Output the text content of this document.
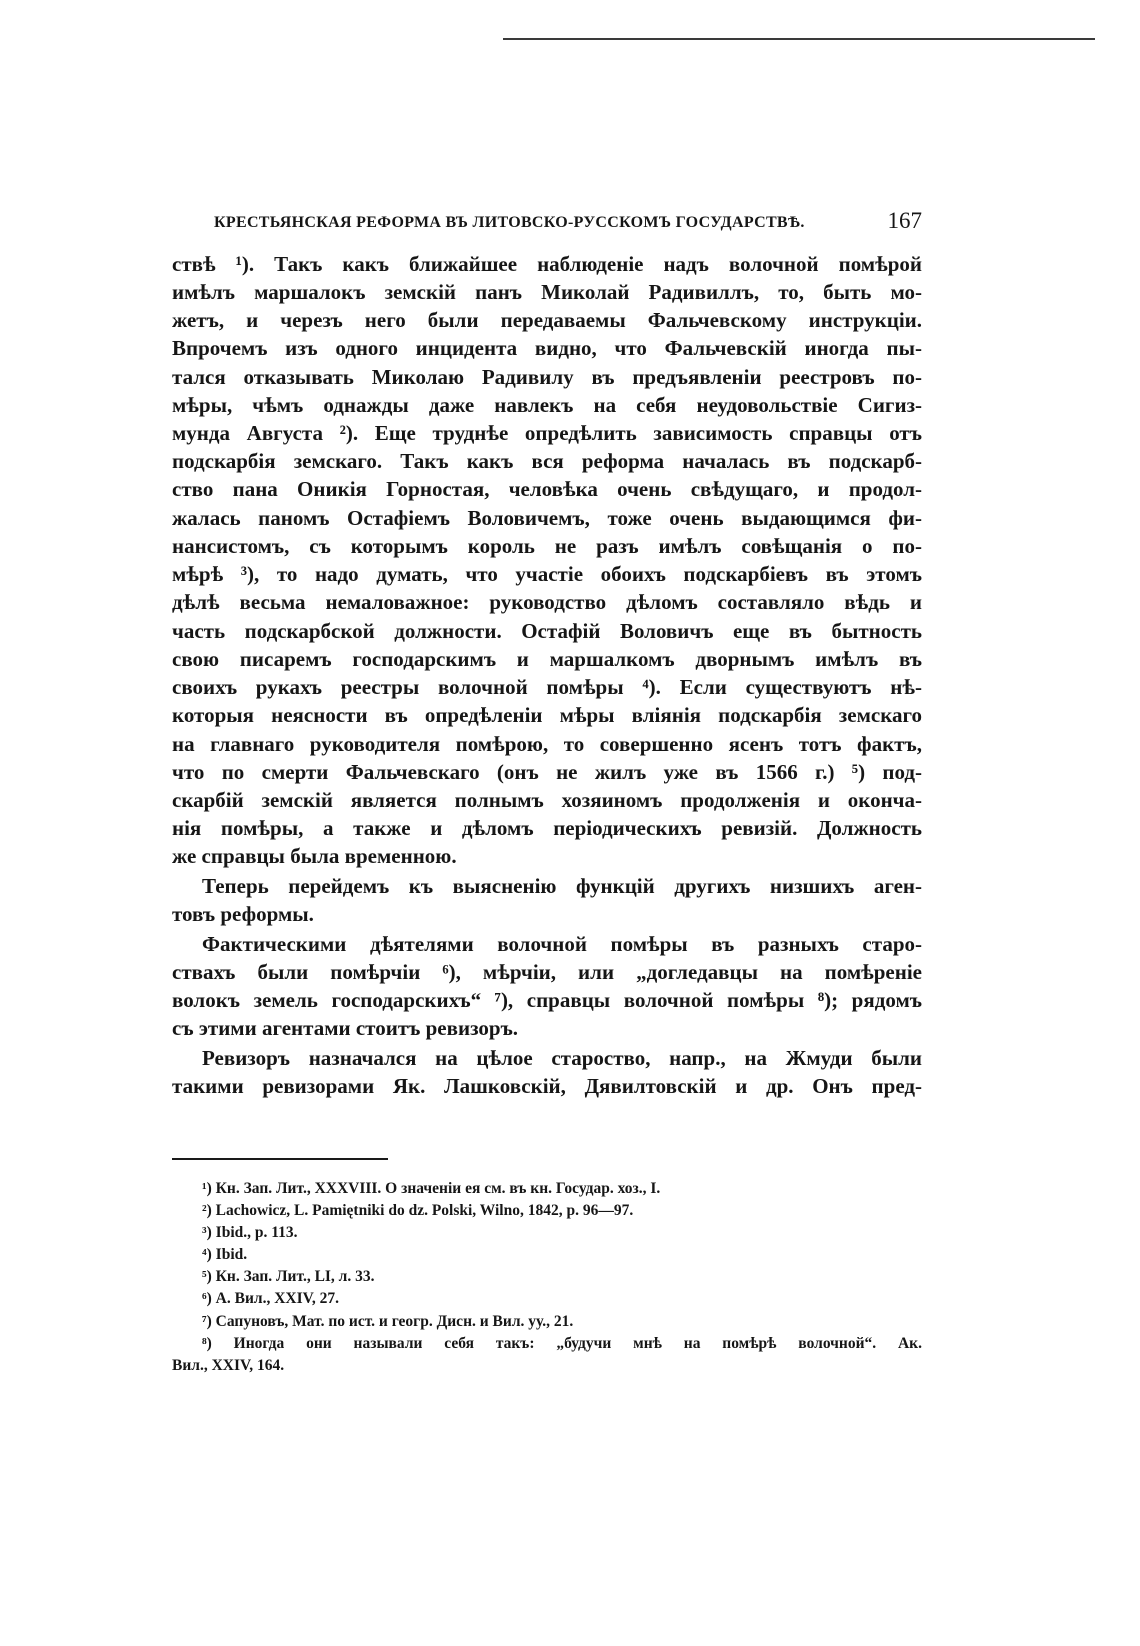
КРЕСТЬЯНСКАЯ РЕФОРМА ВЪ ЛИТОВСКО-РУССКОМЪ ГОСУДАРСТВѢ.	167
ствѣ ¹). Такъ какъ ближайшее наблюденіе надъ волочной помѣрой
имѣлъ маршалокъ земскій панъ Миколай Радивиллъ, то, быть мо-
жетъ, и черезъ него были передаваемы Фальчевскому инструкціи.
Впрочемъ изъ одного инцидента видно, что Фальчевскій иногда пы-
тался отказывать Миколаю Радивилу въ предъявленіи реестровъ по-
мѣры, чѣмъ однажды даже навлекъ на себя неудовольствіе Сигиз-
мунда Августа ²). Еще труднѣе опредѣлить зависимость справцы отъ
подскарбія земскаго. Такъ какъ вся реформа началась въ подскарб-
ство пана Оникія Горностая, человѣка очень свѣдущаго, и продол-
жалась паномъ Остафіемъ Воловичемъ, тоже очень выдающимся фи-
нансистомъ, съ которымъ король не разъ имѣлъ совѣщанія о по-
мѣрѣ ³), то надо думать, что участіе обоихъ подскарбіевъ въ этомъ
дѣлѣ весьма немаловажное: руководство дѣломъ составляло вѣдь и
часть подскарбской должности. Остафій Воловичъ еще въ бытность
свою писаремъ господарскимъ и маршалкомъ дворнымъ имѣлъ въ
своихъ рукахъ реестры волочной помѣры ⁴). Если существуютъ нѣ-
которыя неясности въ опредѣленіи мѣры вліянія подскарбія земскаго
на главнаго руководителя помѣрою, то совершенно ясенъ тотъ фактъ,
что по смерти Фальчевскаго (онъ не жилъ уже въ 1566 г.) ⁵) под-
скарбій земскій является полнымъ хозяиномъ продолженія и оконча-
нія помѣры, а также и дѣломъ періодическихъ ревизій. Должность
же справцы была временною.
Теперь перейдемъ къ выясненію функцій другихъ низшихъ аген-
товъ реформы.
Фактическими дѣятелями волочной помѣры въ разныхъ старо-
ствахъ были помѣрчіи ⁶), мѣрчіи, или „догледавцы на помѣреніе
волокъ земель господарскихъ“ ⁷), справцы волочной помѣры ⁸); рядомъ
съ этими агентами стоитъ ревизоръ.
Ревизоръ назначался на цѣлое староство, напр., на Жмуди были
такими ревизорами Як. Лашковскій, Дявилтовскій и др. Онъ пред-
¹) Кн. Зап. Лит., XXXVIII. О значеніи ея см. въ кн. Государ. хоз., I.
²) Lachowicz, L. Pamiętniki do dz. Polski, Wilno, 1842, p. 96—97.
³) Ibid., p. 113.
⁴) Ibid.
⁵) Кн. Зап. Лит., LI, л. 33.
⁶) А. Вил., XXIV, 27.
⁷) Сапуновъ, Мат. по ист. и геогр. Дисн. и Вил. уу., 21.
⁸) Иногда они называли себя такъ: „будучи мнѣ на помѣрѣ волочной“. Ак.
Вил., XXIV, 164.
